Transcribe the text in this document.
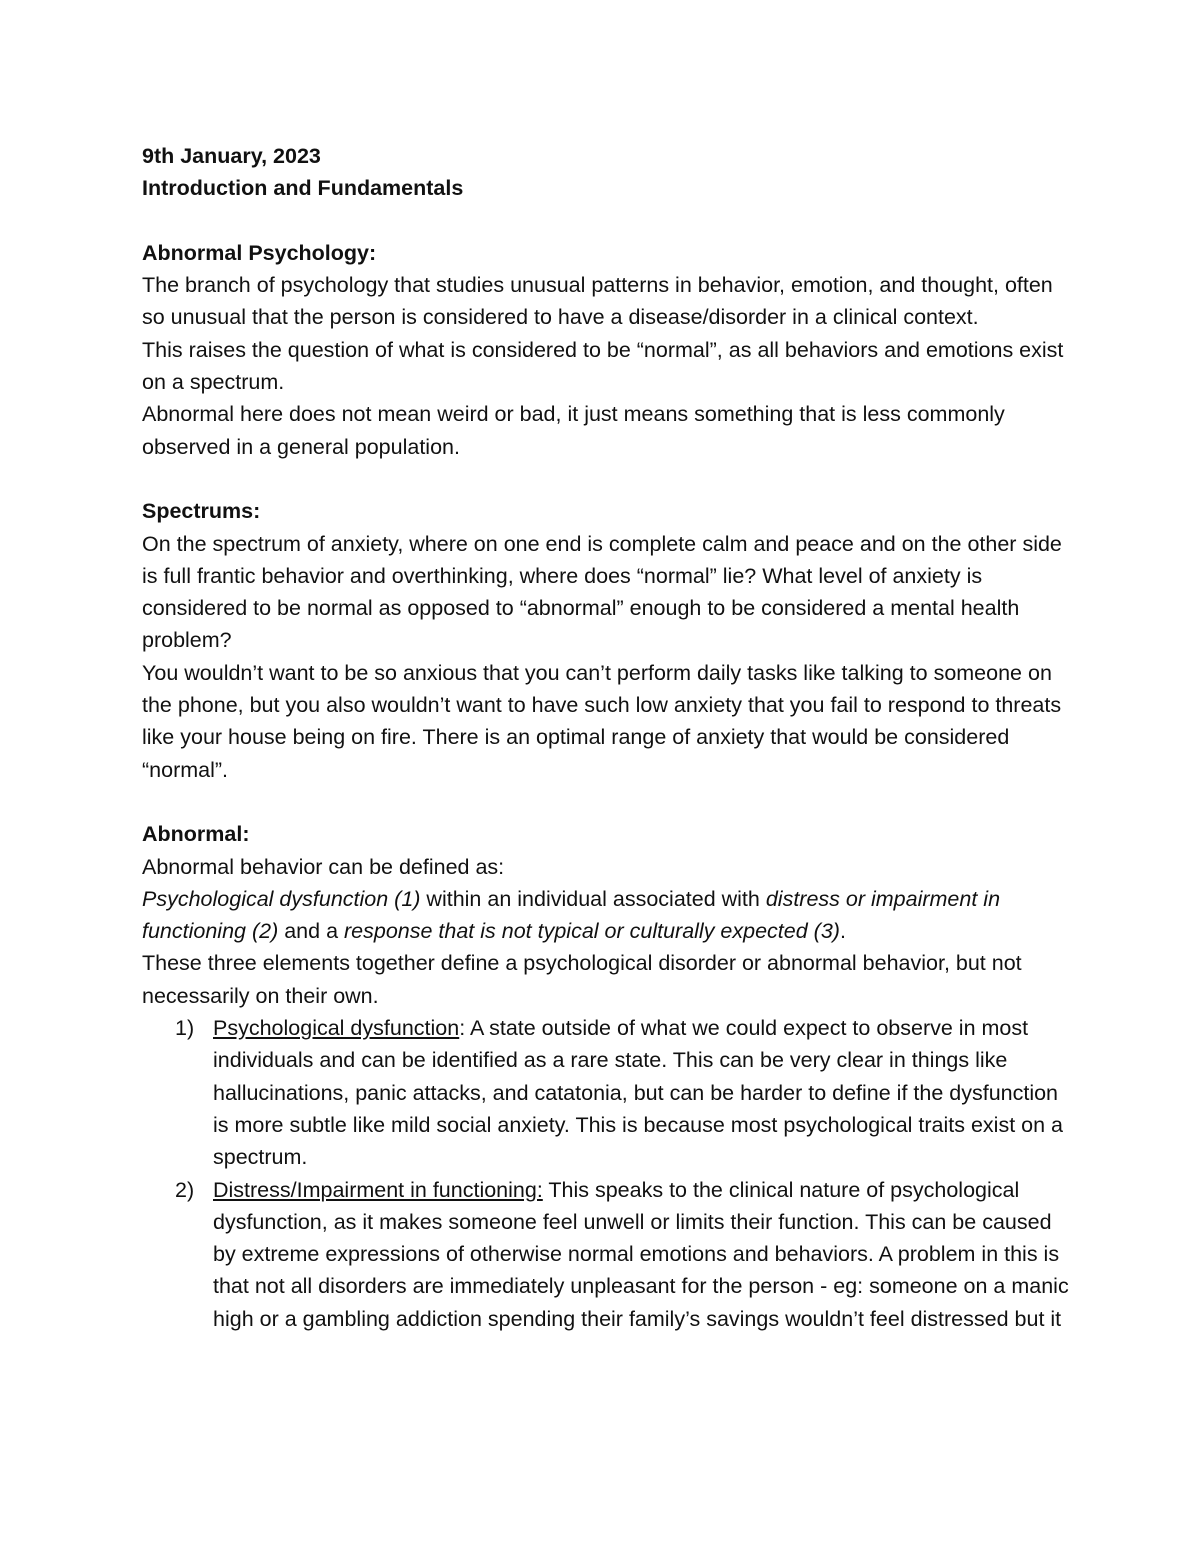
9th January, 2023

Introduction and Fundamentals

Abnormal Psychology:

The branch of psychology that studies unusual patterns in behavior, emotion, and thought, often so unusual that the person is considered to have a disease/disorder in a clinical context.

This raises the question of what is considered to be “normal”, as all behaviors and emotions exist on a spectrum.

Abnormal here does not mean weird or bad, it just means something that is less commonly observed in a general population.

Spectrums:

On the spectrum of anxiety, where on one end is complete calm and peace and on the other side is full frantic behavior and overthinking, where does “normal” lie? What level of anxiety is considered to be normal as opposed to “abnormal” enough to be considered a mental health problem?

You wouldn’t want to be so anxious that you can’t perform daily tasks like talking to someone on the phone, but you also wouldn’t want to have such low anxiety that you fail to respond to threats like your house being on fire. There is an optimal range of anxiety that would be considered “normal”.

Abnormal:

Abnormal behavior can be defined as:

Psychological dysfunction (1) within an individual associated with distress or impairment in functioning (2) and a response that is not typical or culturally expected (3).

These three elements together define a psychological disorder or abnormal behavior, but not necessarily on their own.

1) Psychological dysfunction: A state outside of what we could expect to observe in most individuals and can be identified as a rare state. This can be very clear in things like hallucinations, panic attacks, and catatonia, but can be harder to define if the dysfunction is more subtle like mild social anxiety. This is because most psychological traits exist on a spectrum.
2) Distress/Impairment in functioning: This speaks to the clinical nature of psychological dysfunction, as it makes someone feel unwell or limits their function. This can be caused by extreme expressions of otherwise normal emotions and behaviors. A problem in this is that not all disorders are immediately unpleasant for the person - eg: someone on a manic high or a gambling addiction spending their family’s savings wouldn’t feel distressed but it
